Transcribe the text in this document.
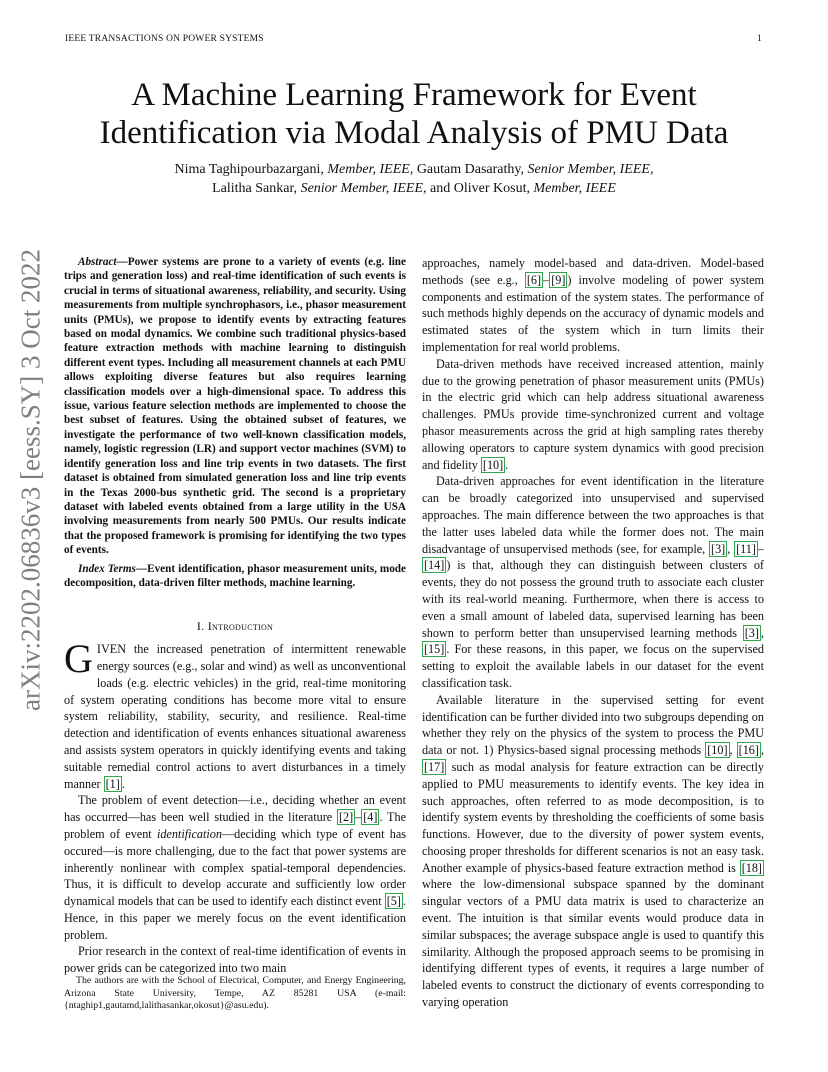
IEEE TRANSACTIONS ON POWER SYSTEMS	1
A Machine Learning Framework for Event
Identification via Modal Analysis of PMU Data
Nima Taghipourbazargani, Member, IEEE, Gautam Dasarathy, Senior Member, IEEE,
Lalitha Sankar, Senior Member, IEEE, and Oliver Kosut, Member, IEEE
arXiv:2202.06836v3 [eess.SY] 3 Oct 2022	Abstract—Power systems are prone to a variety of events (e.g. line trips and generation loss) and real-time identification of such events is crucial in terms of situational awareness, reliability, and security. Using measurements from multiple synchrophasors, i.e., phasor measurement units (PMUs), we propose to identify events by extracting features based on modal dynamics. We combine such traditional physics-based feature extraction methods with machine learning to distinguish different event types. Including all measurement channels at each PMU allows exploiting diverse features but also requires learning classification models over a high-dimensional space. To address this issue, various feature selection methods are implemented to choose the best subset of features. Using the obtained subset of features, we investigate the performance of two well-known classification models, namely, logistic regression (LR) and support vector machines (SVM) to identify generation loss and line trip events in two datasets. The first dataset is obtained from simulated generation loss and line trip events in the Texas 2000-bus synthetic grid. The second is a proprietary dataset with labeled events obtained from a large utility in the USA involving measurements from nearly 500 PMUs. Our results indicate that the proposed framework is promising for identifying the two types of events.

Index Terms—Event identification, phasor measurement units, mode decomposition, data-driven filter methods, machine learning.

I. Introduction

GIVEN the increased penetration of intermittent renewable energy sources (e.g., solar and wind) as well as unconventional loads (e.g. electric vehicles) in the grid, real-time monitoring of system operating conditions has become more vital to ensure system reliability, stability, security, and resilience. Real-time detection and identification of events enhances situational awareness and assists system operators in quickly identifying events and taking suitable remedial control actions to avert disturbances in a timely manner [1] .

The problem of event detection—i.e., deciding whether an event has occurred—has been well studied in the literature [2] – [4] . The problem of event identification—deciding which type of event has occured—is more challenging, due to the fact that power systems are inherently nonlinear with complex spatial-temporal dependencies. Thus, it is difficult to develop accurate and sufficiently low order dynamical models that can be used to identify each distinct event [5] . Hence, in this paper we merely focus on the event identification problem.

Prior research in the context of real-time identification of events in power grids can be categorized into two main

The authors are with the School of Electrical, Computer, and Energy Engineering, Arizona State University, Tempe, AZ 85281 USA (e-mail: {ntaghip1,gautamd,lalithasankar,okosut}@asu.edu).

approaches, namely model-based and data-driven. Model-based methods (see e.g., [6] – [9] ) involve modeling of power system components and estimation of the system states. The performance of such methods highly depends on the accuracy of dynamic models and estimated states of the system which in turn limits their implementation for real world problems.

Data-driven methods have received increased attention, mainly due to the growing penetration of phasor measurement units (PMUs) in the electric grid which can help address situational awareness challenges. PMUs provide time-synchronized current and voltage phasor measurements across the grid at high sampling rates thereby allowing operators to capture system dynamics with good precision and fidelity [10] .

Data-driven approaches for event identification in the literature can be broadly categorized into unsupervised and supervised approaches. The main difference between the two approaches is that the latter uses labeled data while the former does not. The main disadvantage of unsupervised methods (see, for example, [3] , [11] –[14] ) is that, although they can distinguish between clusters of events, they do not possess the ground truth to associate each cluster with its real-world meaning. Furthermore, when there is access to even a small amount of labeled data, supervised learning has been shown to perform better than unsupervised learning methods [3] , [15] . For these reasons, in this paper, we focus on the supervised setting to exploit the available labels in our dataset for the event classification task.

Available literature in the supervised setting for event identification can be further divided into two subgroups depending on whether they rely on the physics of the system to process the PMU data or not. 1) Physics-based signal processing methods [10] , [16] , [17] such as modal analysis for feature extraction can be directly applied to PMU measurements to identify events. The key idea in such approaches, often referred to as mode decomposition, is to identify system events by thresholding the coefficients of some basis functions. However, due to the diversity of power system events, choosing proper thresholds for different scenarios is not an easy task. Another example of physics-based feature extraction method is [18] where the low-dimensional subspace spanned by the dominant singular vectors of a PMU data matrix is used to characterize an event. The intuition is that similar events would produce data in similar subspaces; the average subspace angle is used to quantify this similarity. Although the proposed approach seems to be promising in identifying different types of events, it requires a large number of labeled events to construct the dictionary of events corresponding to varying operation
